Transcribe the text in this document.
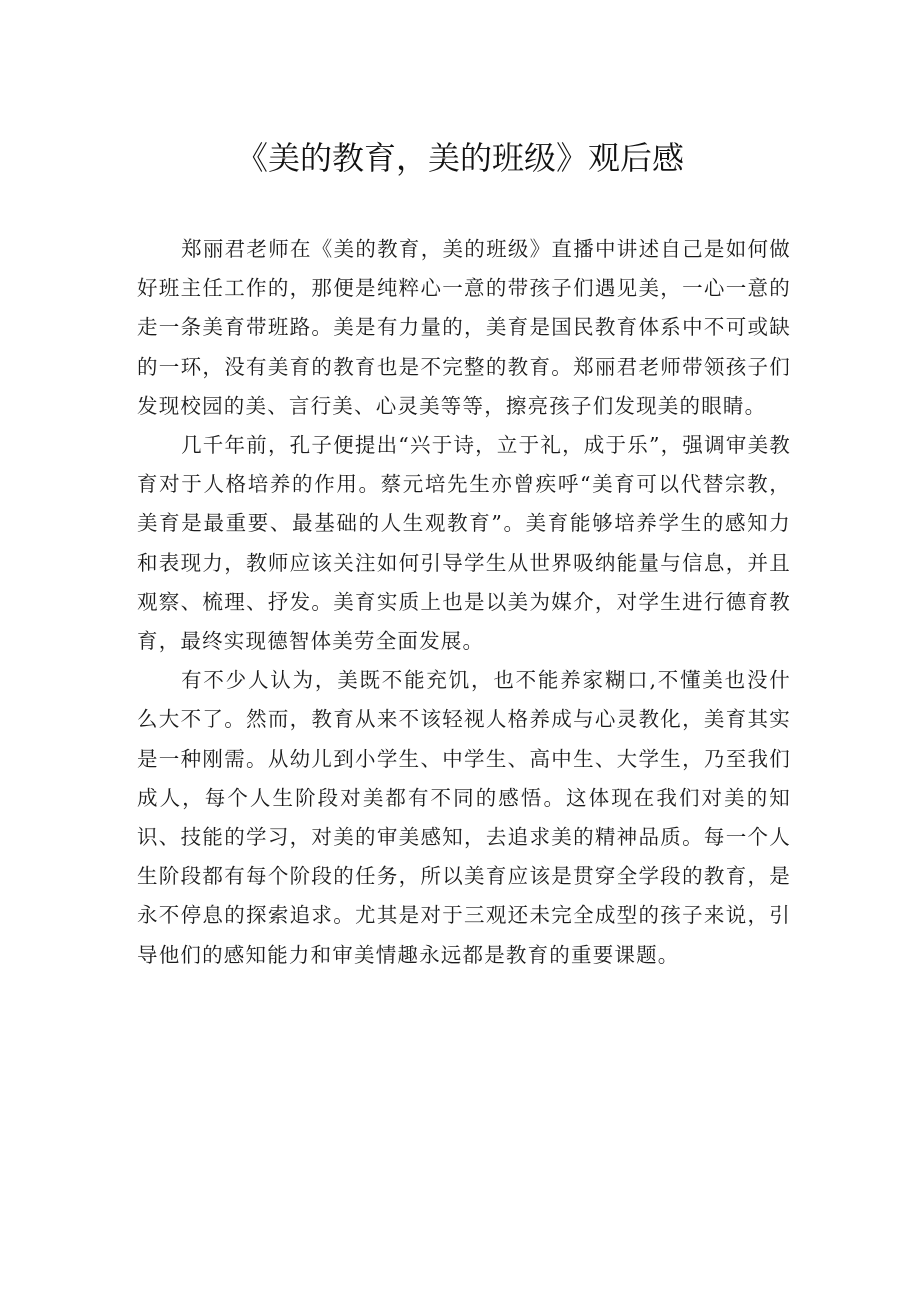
《美的教育，美的班级》观后感

郑丽君老师在《美的教育，美的班级》直播中讲述自己是如何做好班主任工作的，那便是纯粹心一意的带孩子们遇见美，一心一意的走一条美育带班路。美是有力量的，美育是国民教育体系中不可或缺的一环，没有美育的教育也是不完整的教育。郑丽君老师带领孩子们发现校园的美、言行美、心灵美等等，擦亮孩子们发现美的眼睛。

几千年前，孔子便提出“兴于诗，立于礼，成于乐”，强调审美教育对于人格培养的作用。蔡元培先生亦曾疾呼“美育可以代替宗教，美育是最重要、最基础的人生观教育”。美育能够培养学生的感知力和表现力，教师应该关注如何引导学生从世界吸纳能量与信息，并且观察、梳理、抒发。美育实质上也是以美为媒介，对学生进行德育教育，最终实现德智体美劳全面发展。

有不少人认为，美既不能充饥，也不能养家糊口,不懂美也没什么大不了。然而，教育从来不该轻视人格养成与心灵教化，美育其实是一种刚需。从幼儿到小学生、中学生、高中生、大学生，乃至我们成人，每个人生阶段对美都有不同的感悟。这体现在我们对美的知识、技能的学习，对美的审美感知，去追求美的精神品质。每一个人生阶段都有每个阶段的任务，所以美育应该是贯穿全学段的教育，是永不停息的探索追求。尤其是对于三观还未完全成型的孩子来说，引导他们的感知能力和审美情趣永远都是教育的重要课题。
